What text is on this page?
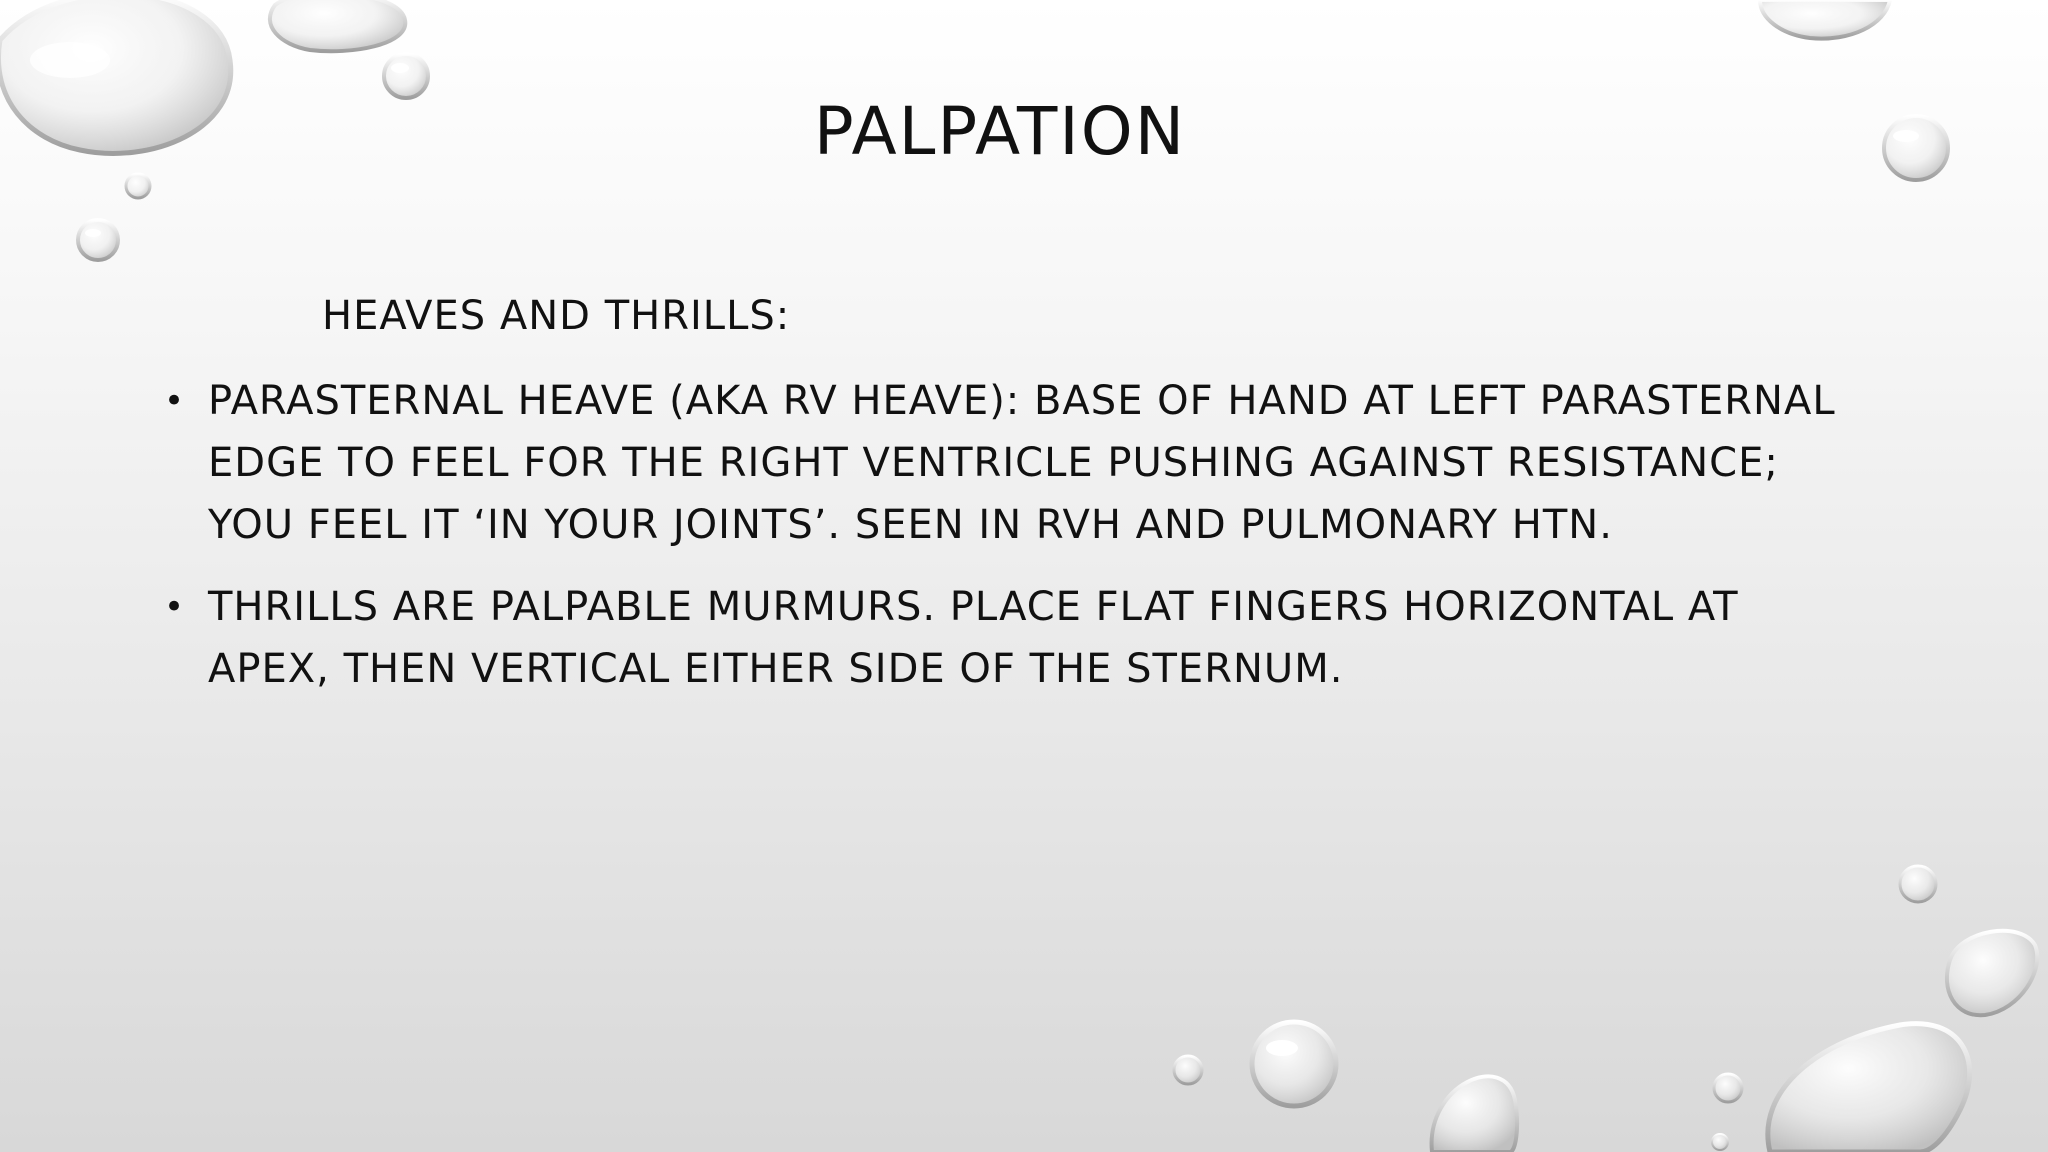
PALPATION

HEAVES AND THRILLS:

• PARASTERNAL HEAVE (AKA RV HEAVE): BASE OF HAND AT LEFT PARASTERNAL EDGE TO FEEL FOR THE RIGHT VENTRICLE PUSHING AGAINST RESISTANCE; YOU FEEL IT ‘IN YOUR JOINTS’. SEEN IN RVH AND PULMONARY HTN.
• THRILLS ARE PALPABLE MURMURS. PLACE FLAT FINGERS HORIZONTAL AT APEX, THEN VERTICAL EITHER SIDE OF THE STERNUM.
